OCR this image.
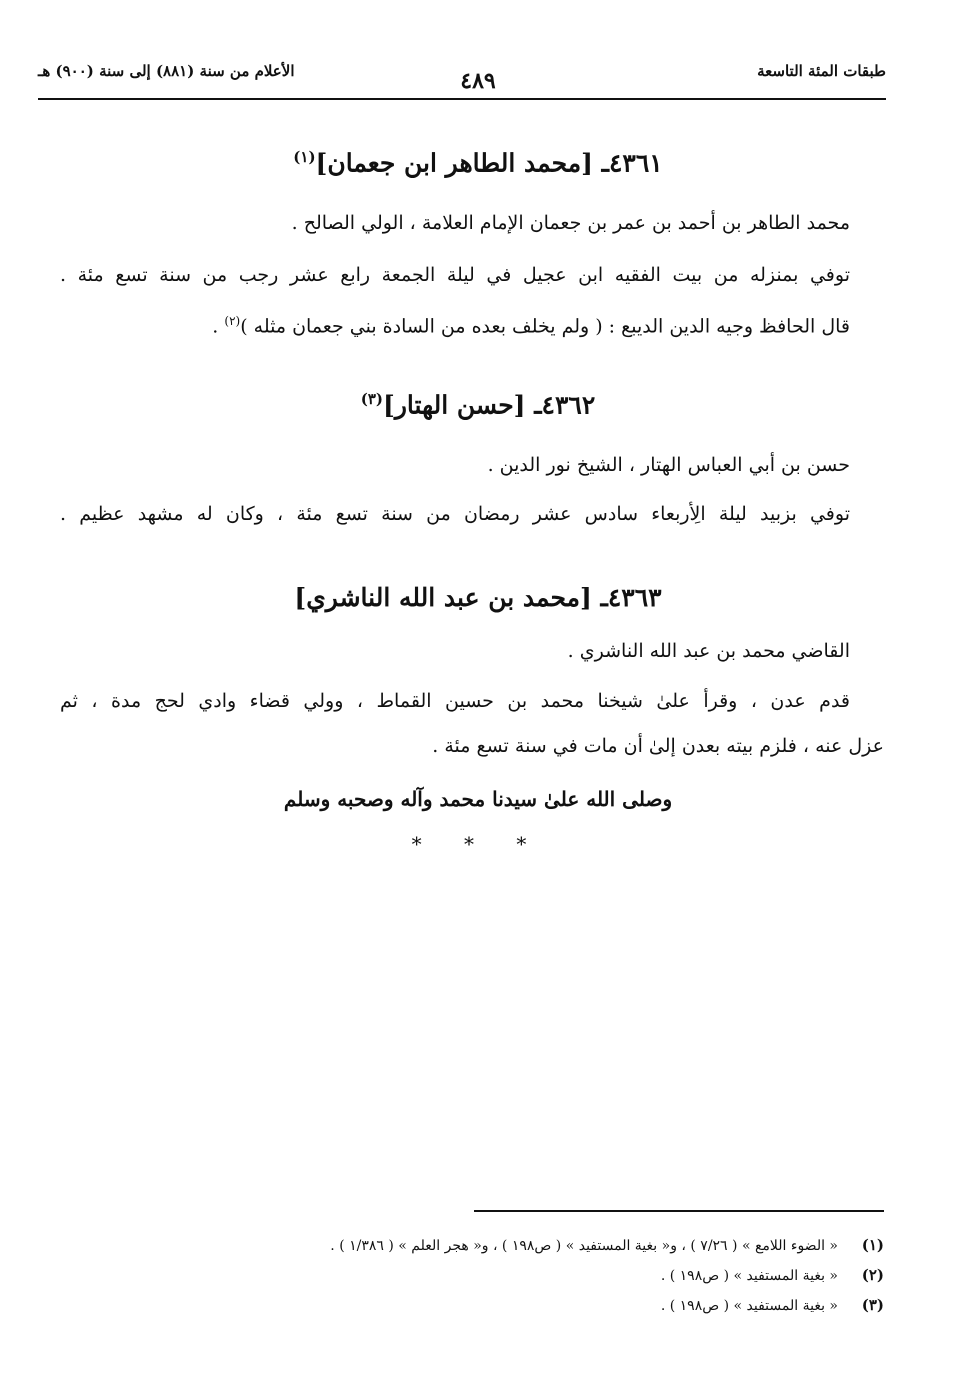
طبقات المئة التاسعة
٤٨٩
الأعلام من سنة (٨٨١) إلى سنة (٩٠٠) هـ
٤٣٦١ـ [محمد الطاهر ابن جعمان]$^{(١)}$
محمد الطاهر بن أحمد بن عمر بن جعمان الإمام العلامة ، الولي الصالح .
توفي بمنزله من بيت الفقيه ابن عجيل في ليلة الجمعة رابع عشر رجب من سنة تسع مئة .
قال الحافظ وجيه الدين الديبع : ( ولم يخلف بعده من السادة بني جعمان مثله )$^{(٢)}$ .
٤٣٦٢ـ [حسن الهتار]$^{(٣)}$
حسن بن أبي العباس الهتار ، الشيخ نور الدين .
توفي بزبيد ليلة الِأربعاء سادس عشر رمضان من سنة تسع مئة ، وكان له مشهد عظيم .
٤٣٦٣ـ [محمد بن عبد الله الناشري]
القاضي محمد بن عبد الله الناشري .
قدم عدن ، وقرأ علىٰ شيخنا محمد بن حسين القماط ، وولي قضاء وادي لحج مدة ، ثم
عزل عنه ، فلزم بيته بعدن إلىٰ أن مات في سنة تسع مئة .
وصلى الله علىٰ سيدنا محمد وآله وصحبه وسلم
* * *
(١)« الضوء اللامع » ( ٧/٢٦ ) ، و« بغية المستفيد » ( ص١٩٨ ) ، و« هجر العلم » ( ١/٣٨٦ ) .
(٢)« بغية المستفيد » ( ص١٩٨ ) .
(٣)« بغية المستفيد » ( ص١٩٨ ) .
